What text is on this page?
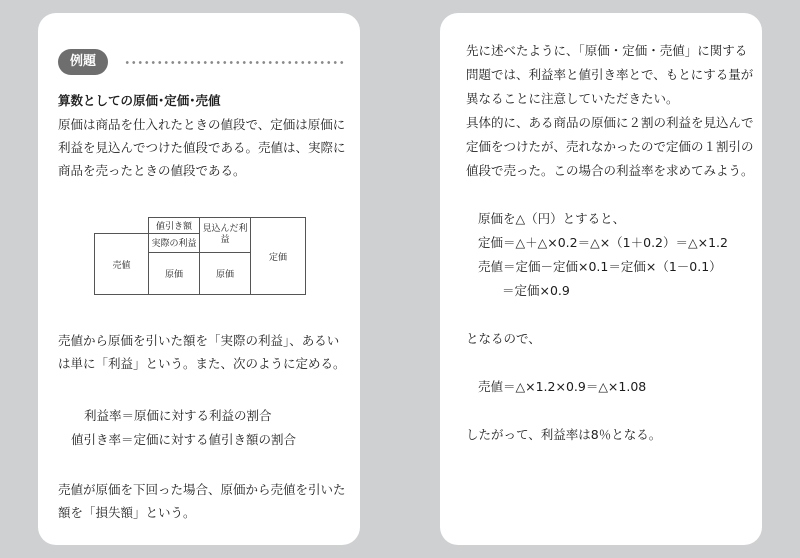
例題
算数としての原価･定価･売値
原価は商品を仕入れたときの値段で、定価は原価に
利益を見込んでつけた値段である。売値は、実際に
商品を売ったときの値段である。
	値引き額	見込んだ利益	定価
売値	実際の利益		
	原価	原価	
売値から原価を引いた額を「実際の利益」、あるい
は単に「利益」という。また、次のように定める。
利益率＝原価に対する利益の割合
値引き率＝定価に対する値引き額の割合
売値が原価を下回った場合、原価から売値を引いた
額を「損失額」という。
先に述べたように、「原価・定価・売値」に関する
問題では、利益率と値引き率とで、もとにする量が
異なることに注意していただきたい。
具体的に、ある商品の原価に２割の利益を見込んで
定価をつけたが、売れなかったので定価の１割引の
値段で売った。この場合の利益率を求めてみよう。
原価を△（円）とすると、
定価＝△＋△×0.2＝△×（1＋0.2）＝△×1.2
売値＝定価－定価×0.1＝定価×（1－0.1）
＝定価×0.9
となるので、
売値＝△×1.2×0.9＝△×1.08
したがって、利益率は8％となる。
